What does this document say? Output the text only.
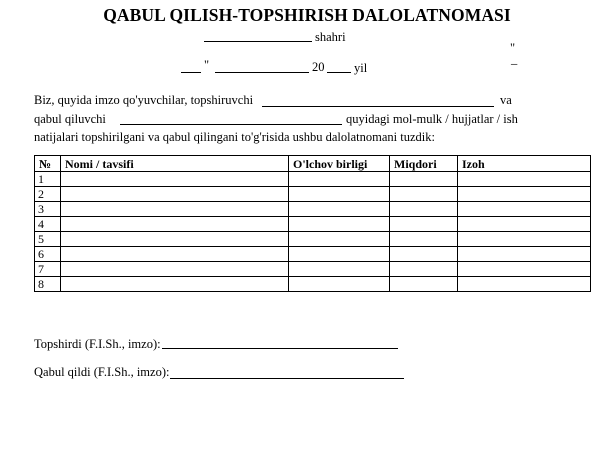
QABUL QILISH-TOPSHIRISH DALOLATNOMASI
shahri
"
_
"	20 yil
Biz, quyida imzo qo'yuvchilar, topshiruvchi	va
qabul qiluvchi	quyidagi mol-mulk / hujjatlar / ish
natijalari topshirilgani va qabul qilingani to'g'risida ushbu dalolatnomani tuzdik:
№	Nomi / tavsifi	O'lchov birligi	Miqdori	Izoh
1				
2				
3				
4				
5				
6				
7				
8				
Topshirdi (F.I.Sh., imzo):
Qabul qildi (F.I.Sh., imzo):
